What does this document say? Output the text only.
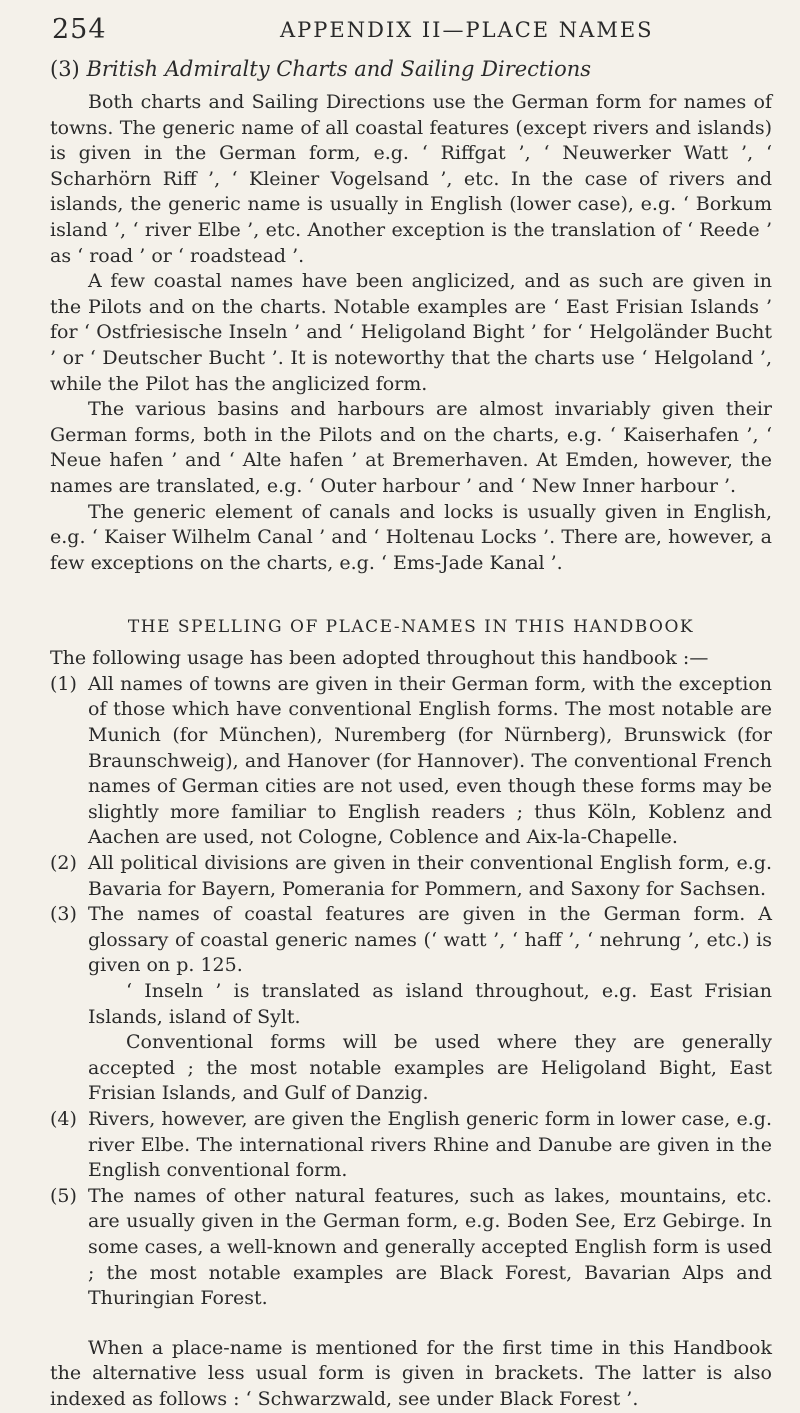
254	APPENDIX II—PLACE NAMES
(3) British Admiralty Charts and Sailing Directions

Both charts and Sailing Directions use the German form for names of towns. The generic name of all coastal features (except rivers and islands) is given in the German form, e.g. ‘ Riffgat ’, ‘ Neuwerker Watt ’, ‘ Scharhörn Riff ’, ‘ Kleiner Vogelsand ’, etc. In the case of rivers and islands, the generic name is usually in English (lower case), e.g. ‘ Borkum island ’, ‘ river Elbe ’, etc. Another exception is the translation of ‘ Reede ’ as ‘ road ’ or ‘ roadstead ’.

A few coastal names have been anglicized, and as such are given in the Pilots and on the charts. Notable examples are ‘ East Frisian Islands ’ for ‘ Ostfriesische Inseln ’ and ‘ Heligoland Bight ’ for ‘ Helgoländer Bucht ’ or ‘ Deutscher Bucht ’. It is noteworthy that the charts use ‘ Helgoland ’, while the Pilot has the anglicized form.

The various basins and harbours are almost invariably given their German forms, both in the Pilots and on the charts, e.g. ‘ Kaiserhafen ’, ‘ Neue hafen ’ and ‘ Alte hafen ’ at Bremerhaven. At Emden, however, the names are translated, e.g. ‘ Outer harbour ’ and ‘ New Inner harbour ’.

The generic element of canals and locks is usually given in English, e.g. ‘ Kaiser Wilhelm Canal ’ and ‘ Holtenau Locks ’. There are, however, a few exceptions on the charts, e.g. ‘ Ems-Jade Kanal ’.

THE SPELLING OF PLACE-NAMES IN THIS HANDBOOK

The following usage has been adopted throughout this handbook :—

(1) All names of towns are given in their German form, with the exception of those which have conventional English forms. The most notable are Munich (for München), Nuremberg (for Nürnberg), Brunswick (for Braunschweig), and Hanover (for Hannover). The conventional French names of German cities are not used, even though these forms may be slightly more familiar to English readers ; thus Köln, Koblenz and Aachen are used, not Cologne, Coblence and Aix-la-Chapelle.

(2) All political divisions are given in their conventional English form, e.g. Bavaria for Bayern, Pomerania for Pommern, and Saxony for Sachsen.

(3) The names of coastal features are given in the German form. A glossary of coastal generic names (‘ watt ’, ‘ haff ’, ‘ nehrung ’, etc.) is given on p. 125.

‘ Inseln ’ is translated as island throughout, e.g. East Frisian Islands, island of Sylt.

Conventional forms will be used where they are generally accepted ; the most notable examples are Heligoland Bight, East Frisian Islands, and Gulf of Danzig.

(4) Rivers, however, are given the English generic form in lower case, e.g. river Elbe. The international rivers Rhine and Danube are given in the English conventional form.

(5) The names of other natural features, such as lakes, mountains, etc. are usually given in the German form, e.g. Boden See, Erz Gebirge. In some cases, a well-known and generally accepted English form is used ; the most notable examples are Black Forest, Bavarian Alps and Thuringian Forest.

When a place-name is mentioned for the first time in this Handbook the alternative less usual form is given in brackets. The latter is also indexed as follows : ‘ Schwarzwald, see under Black Forest ’.
